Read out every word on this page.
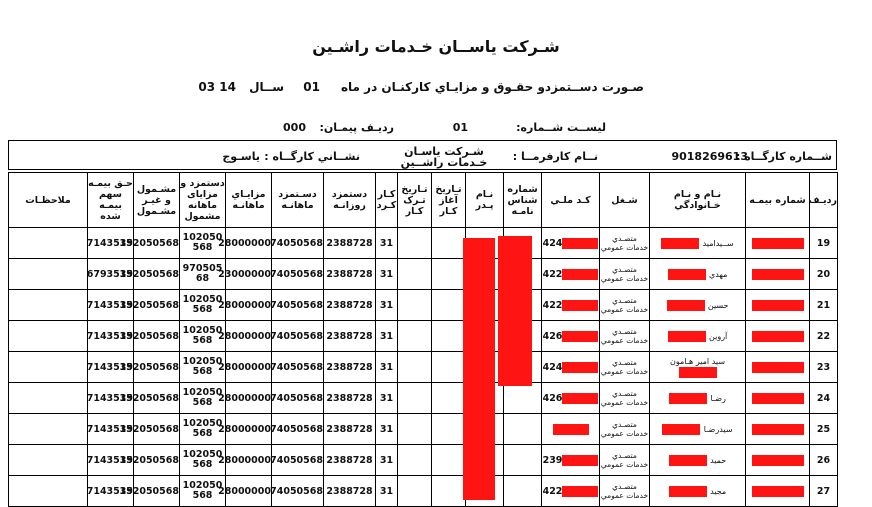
شـرکت یاســان خـدمات راشـین
صـورت دســتمزدو حقـوق و مزایـاي کارکنـان در
ماه
01
ســال
14 03
لیســت شــماره:
01
ردیـف پیمـان:
000
شــماره کارگــاه :
9018269613
نــام کارفرمــا :
شـرکت یاسـان خـدمات راشــین
نشــاني کارگــاه :
یاسـوج
ردیـف	شماره بیمـه	نـام و نـام خـانوادگي	شـغل	کـد ملـي	شماره شناس نامـه	نـام پـدر	تـاریخ آغاز کـار	تـاریخ تـرک کـار	کـار کـرد	دستمزد روزانـه	دسـتمزد ماهانـه	مزایـاي ماهانـه	دستمزد و مزایای ماهانه مشمول	مشـمول و غیـر مشـمول	حـق بیمـه سهم بیمـه شده	ملاحظـات
19		ســیدامید	متصـدي خدمات عمومي	424					31	2388728	74050568	28000000	102050568	152050568	7143539	
20		مهدي	متصـدي خدمات عمومي	422					31	2388728	74050568	23000000	97050568	152050568	6793539	
21		حسین	متصـدي خدمات عمومي	422					31	2388728	74050568	28000000	102050568	152050568	7143539	
22		آروین	متصـدي خدمات عمومي	426					31	2388728	74050568	28000000	102050568	152050568	7143539	
23		سید امیر هـامون	متصـدي خدمات عمومي	424					31	2388728	74050568	28000000	102050568	152050568	7143539	
24		رضـا	متصـدي خدمات عمومي	426					31	2388728	74050568	28000000	102050568	152050568	7143539	
25		سیدرضـا	متصـدي خدمات عمومي						31	2388728	74050568	28000000	102050568	152050568	7143539	
26		حمید	متصـدي خدمات عمومي	239					31	2388728	74050568	28000000	102050568	152050568	7143539	
27		مجید	متصـدي خدمات عمومي	422					31	2388728	74050568	28000000	102050568	152050568	7143539	
